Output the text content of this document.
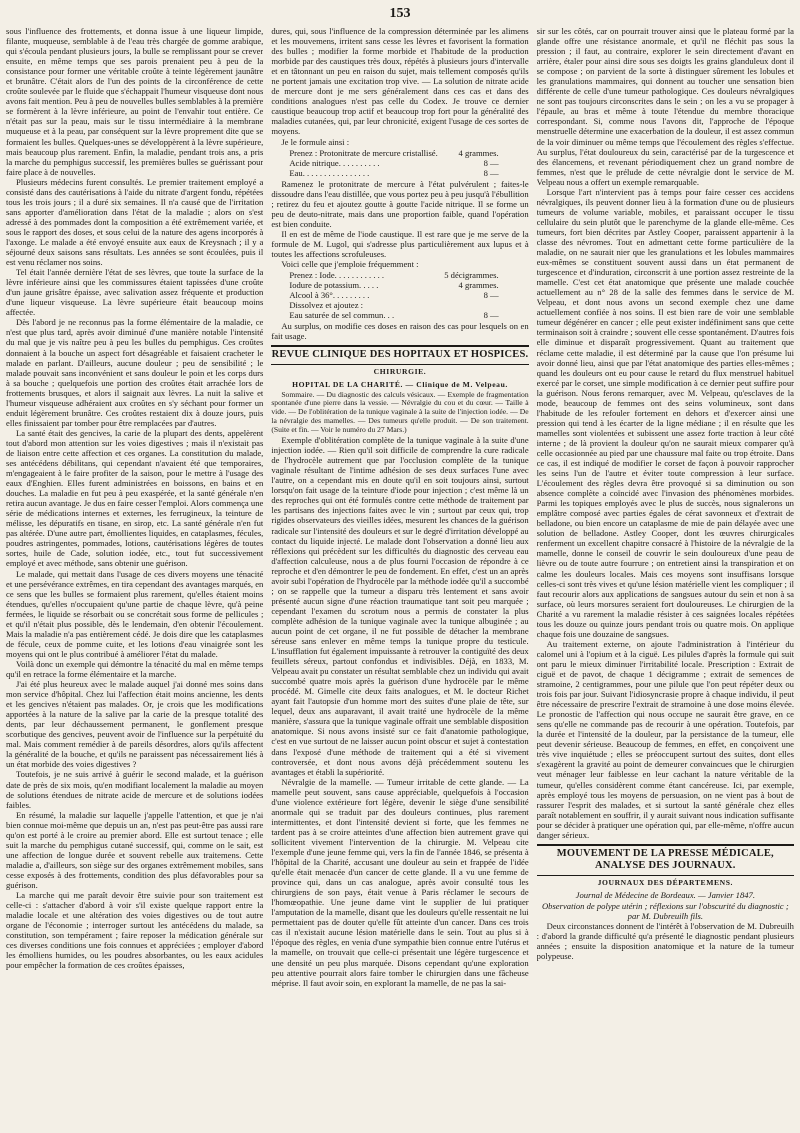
153

sous l'influence des frottements, et donna issue à une liqueur limpide, filante, muqueuse, semblable à de l'eau très chargée de gomme arabique, qui s'écoula pendant plusieurs jours, la bulle se remplissant pour se crever ensuite, en même temps que ses parois prenaient peu à peu de la consistance pour former une véritable croûte à teinte légèrement jaunâtre et brunâtre. C'était alors de l'un des points de la circonférence de cette croûte soulevée par le fluide que s'échappait l'humeur visqueuse dont nous avons fait mention. Peu à peu de nouvelles bulles semblables à la première se formèrent à la lèvre inférieure, au point de l'envahir tout entière. Ce n'était pas sur la peau, mais sur le tissu intermédiaire à la membrane muqueuse et à la peau, par conséquent sur la lèvre proprement dite que se formaient les bulles. Quelques-unes se développèrent à la lèvre supérieure, mais beaucoup plus rarement. Enfin, la maladie, pendant trois ans, a pris la marche du pemphigus successif, les premières bulles se guérissant pour faire place à de nouvelles.

Plusieurs médecins furent consultés. Le premier traitement employé a consisté dans des cautérisations à l'aide du nitrate d'argent fondu, répétées tous les trois jours ; il a duré six semaines. Il n'a causé que de l'irritation sans apporter d'amélioration dans l'état de la maladie ; alors on s'est adressé à des pommades dont la composition a été extrêmement variée, et sous le rapport des doses, et sous celui de la nature des agens incorporés à l'axonge. Le malade a été envoyé ensuite aux eaux de Kreysnach ; il y a séjourné deux saisons sans résultats. Les années se sont écoulées, puis il est venu réclamer nos soins.

Tel était l'année dernière l'état de ses lèvres, que toute la surface de la lèvre inférieure ainsi que les commissures étaient tapissées d'une croûte d'un jaune grisâtre épaisse, avec salivation assez fréquente et production d'une liqueur visqueuse. La lèvre supérieure était beaucoup moins affectée.

Dès l'abord je ne reconnus pas la forme élémentaire de la maladie, ce n'est que plus tard, après avoir diminué d'une manière notable l'intensité du mal que je vis naître peu à peu les bulles du pemphigus. Ces croûtes donnaient à la bouche un aspect fort désagréable et faisaient cracheter le malade en parlant. D'ailleurs, aucune douleur ; peu de sensibilité ; le malade pouvait sans inconvénient et sans douleur le poin et les corps durs à sa bouche ; quelquefois une portion des croûtes était arrachée lors de frottements brusques, et alors il saignait aux lèvres. La nuit la salive et l'humeur visqueuse adhéraient aux croûtes en s'y séchant pour former un enduit légèrement brunâtre. Ces croûtes restaient dix à douze jours, puis elles finissaient par tomber pour être remplacées par d'autres.

La santé était des gencives, la carie de la plupart des dents, appelèrent tout d'abord mon attention sur les voies digestives ; mais il n'existait pas de liaison entre cette affection et ces organes. La constitution du malade, ses antécédens débilitans, qui cependant n'avaient été que temporaires, m'engageaient à le faire profiter de la saison, pour le mettre à l'usage des eaux d'Enghien. Elles furent administrées en boissons, en bains et en douches. La maladie en fut peu à peu exaspérée, et la santé générale n'en retira aucun avantage. Je dus en faire cesser l'emploi. Alors commença une série de médications internes et externes, les ferrugineux, la teinture de mélisse, les dépuratifs en tisane, en sirop, etc. La santé générale n'en fut pas altérée. D'une autre part, émollientes liquides, en cataplasmes, fécules, poudres astringentes, pommades, lotions, cautérisations légères de toutes sortes, huile de Cade, solution iodée, etc., tout fut successivement employé et avec méthode, sans obtenir une guérison.

Le malade, qui mettait dans l'usage de ces divers moyens une ténacité et une persévérance extrêmes, en tira cependant des avantages marqués, en ce sens que les bulles se formaient plus rarement, qu'elles étaient moins étendues, qu'elles n'occupaient qu'une partie de chaque lèvre, qu'à peine fermées, le liquide se résorbait ou se concrétait sous forme de pellicules ; et qu'il n'était plus possible, dès le lendemain, d'en obtenir l'écoulement. Mais la maladie n'a pas entièrement cédé. Je dois dire que les cataplasmes de fécule, ceux de pomme cuite, et les lotions d'eau vinaigrée sont les moyens qui ont le plus contribué à améliorer l'état du malade.

Voilà donc un exemple qui démontre la ténacité du mal en même temps qu'il en retrace la forme élémentaire et la marche.

J'ai été plus heureux avec le malade auquel j'ai donné mes soins dans mon service d'hôpital. Chez lui l'affection était moins ancienne, les dents et les gencives n'étaient pas malades. Or, je crois que les modifications apportées à la nature de la salive par la carie de la presque totalité des dents, par leur déchaussement permanent, le gonflement presque scorbutique des gencives, peuvent avoir de l'influence sur la perpétuité du mal. Mais comment remédier à de pareils désordres, alors qu'ils affectent la généralité de la bouche, et qu'ils ne paraissent pas nécessairement liés à un état morbide des voies digestives ?

Toutefois, je ne suis arrivé à guérir le second malade, et la guérison date de près de six mois, qu'en modifiant localement la maladie au moyen de solutions étendues de nitrate acide de mercure et de solutions iodées faibles.

En résumé, la maladie sur laquelle j'appelle l'attention, et que je n'ai bien connue moi-même que depuis un an, n'est pas peut-être pas aussi rare qu'on est porté à le croire au premier abord. Elle est surtout tenace ; elle suit la marche du pemphigus cutané successif, qui, comme on le sait, est une affection de longue durée et souvent rebelle aux traitemens. Cette maladie a, d'ailleurs, son siège sur des organes extrêmement mobiles, sans cesse exposés à des frottements, condition des plus défavorables pour sa guérison.

La marche qui me paraît devoir être suivie pour son traitement est celle-ci : s'attacher d'abord à voir s'il existe quelque rapport entre la maladie locale et une altération des voies digestives ou de tout autre organe de l'économie ; interroger surtout les antécédens du malade, sa constitution, son tempérament ; faire reposer la médication générale sur ces diverses conditions une fois connues et appréciées ; employer d'abord les émolliens humides, ou les poudres absorbantes, ou les eaux acidules pour empêcher la formation de ces croûtes épaisses,

dures, qui, sous l'influence de la compression déterminée par les alimens et les mouvemens, irritent sans cesse les lèvres et favorisent la formation des bulles ; modifier la forme morbide et l'habitude de la production morbide par des caustiques très doux, répétés à plusieurs jours d'intervalle et en tâtonnant un peu en raison du sujet, mais tellement composés qu'ils ne portent jamais une excitation trop vive. — La solution de nitrate acide de mercure dont je me sers généralement dans ces cas et dans des conditions analogues n'est pas celle du Codex. Je trouve ce dernier caustique beaucoup trop actif et beaucoup trop fort pour la généralité des maladies cutanées, qui, par leur chronicité, exigent l'usage de ces sortes de moyens.

Je le formule ainsi :

Prenez : Protonitrate de mercure cristallisé. 4 grammes.
Acide nitrique. . . . . . . . . .	8 —
Eau. . . . . . . . . . . . . . . .	8 —

Ramenez le protonitrate de mercure à l'état pulvérulent ; faites-le dissoudre dans l'eau distillée, que vous portez peu à peu jusqu'à l'ébullition ; retirez du feu et ajoutez goutte à goutte l'acide nitrique. Il se forme un peu de deuto-nitrate, mais dans une proportion faible, quand l'opération est bien conduite.

Il en est de même de l'iode caustique. Il est rare que je me serve de la formule de M. Lugol, qui s'adresse plus particulièrement aux lupus et à toutes les affections scrofuleuses.

Voici celle que j'emploie fréquemment :

Prenez : Iode. . . . . . . . . . . .	5 décigrammes.
Iodure de potassium. . . . .	4 grammes.
Alcool à 36°. . . . . . . . .	8 —
Dissolvez et ajoutez :
Eau saturée de sel commun. . .	8 —

Au surplus, on modifie ces doses en raison des cas pour lesquels on en fait usage.

REVUE CLINIQUE DES HOPITAUX ET HOSPICES.
CHIRURGIE.
HOPITAL DE LA CHARITÉ. — Clinique de M. Velpeau.

Sommaire. — Du diagnostic des calculs vésicaux. — Exemple de fragmentation spontanée d'une pierre dans la vessie. — Névralgie du cou et du cœur. — Taille à vide. — De l'oblitération de la tunique vaginale à la suite de l'injection iodée. — De la névralgie des mamelles. — Des tumeurs qu'elle produit. — De son traitement. (Suite et fin. — Voir le numéro du 27 Mars.)

Exemple d'oblitération complète de la tunique vaginale à la suite d'une injection iodée. — Rien qu'il soit difficile de comprendre la cure radicale de l'hydrocèle autrement que par l'occlusion complète de la tunique vaginale résultant de l'intime adhésion de ses deux surfaces l'une avec l'autre, on a cependant mis en doute qu'il en soit toujours ainsi, surtout lorsqu'on fait usage de la teinture d'iode pour injection ; c'est même là un des reproches qui ont été formulés contre cette méthode de traitement par les partisans des injections faites avec le vin ; surtout par ceux qui, trop rigides observateurs des vieilles idées, mesurent les chances de la guérison radicale sur l'intensité des douleurs et sur le degré d'irritation développé au contact du liquide injecté. Le malade dont l'observation a donné lieu aux réflexions qui précèdent sur les difficultés du diagnostic des cerveau eau d'affection calculeuse, nous a de plus fourni l'occasion de répondre à ce reproche et d'en démontrer le peu de fondement. En effet, c'est un an après avoir subi l'opération de l'hydrocèle par la méthode iodée qu'il a succombé ; on se rappelle que la tumeur a disparu très lentement et sans avoir présenté aucun signe d'une réaction traumatique tant soit peu marquée ; cependant l'examen du scrotum nous a permis de constater la plus complète adhésion de la tunique vaginale avec la tunique albuginée ; au aucun point de cet organe, il ne fut possible de détacher la membrane séreuse sans enlever en même temps la tunique propre du testicule. L'insufflation fut également impuissante à retrouver la contiguïté des deux feuillets séreux, partout confondus et indivisibles. Déjà, en 1833, M. Velpeau avait pu constater un résultat semblable chez un individu qui avait succombé quatre mois après la guérison d'une hydrocèle par le même procédé. M. Gimelle cite deux faits analogues, et M. le docteur Richet ayant fait l'autopsie d'un homme mort des suites d'une plaie de tête, sur lequel, deux ans auparavant, il avait traité une hydrocèle de la même manière, s'assura que la tunique vaginale offrait une semblable disposition anatomique. Si nous avons insisté sur ce fait d'anatomie pathologique, c'est en vue surtout de ne laisser aucun point obscur et sujet à contestation dans l'exposé d'une méthode de traitement qui a été si vivement controversée, et dont nous avons déjà précédemment soutenu les avantages et établi la supériorité.

Névralgie de la mamelle. — Tumeur irritable de cette glande. — La mamelle peut souvent, sans cause appréciable, quelquefois à l'occasion d'une violence extérieure fort légère, devenir le siège d'une sensibilité anormale qui se traduit par des douleurs continues, plus rarement intermittentes, et dont l'intensité devient si forte, que les femmes ne tardent pas à se croire atteintes d'une affection bien autrement grave qui sollicitent vivement l'intervention de la chirurgie. M. Velpeau cite l'exemple d'une jeune femme qui, vers la fin de l'année 1846, se présenta à l'hôpital de la Charité, accusant une douleur au sein et frappée de l'idée qu'elle était menacée d'un cancer de cette glande. Il a vu une femme de province qui, dans un cas analogue, après avoir consulté tous les chirurgiens de son pays, était venue à Paris réclamer le secours de l'homœopathie. Une jeune dame vint le supplier de lui pratiquer l'amputation de la mamelle, disant que les douleurs qu'elle ressentait ne lui permettaient pas de douter qu'elle fût atteinte d'un cancer. Dans ces trois cas il n'existait aucune lésion matérielle dans le sein. Tout au plus si à l'époque des règles, en venia d'une sympathie bien connue entre l'utérus et la mamelle, on trouvait que celle-ci présentait une légère turgescence et une densité un peu plus marquée. Disons cependant qu'une exploration peu attentive pourrait alors faire tomber le chirurgien dans une fâcheuse méprise. Il faut avoir soin, en explorant la mamelle, de ne pas la sai-

sir sur les côtés, car on pourrait trouver ainsi que le plateau formé par la glande offre une résistance anormale, et qu'il ne fléchit pas sous la pression ; il faut, au contraire, explorer le sein directement d'avant en arrière, étaler pour ainsi dire sous ses doigts les grains glanduleux dont il se compose ; on parvient de la sorte à distinguer sûrement les lobules et les granulations mammaires, qui donnent au toucher une sensation bien différente de celle d'une tumeur pathologique. Ces douleurs névralgiques ne sont pas toujours circonscrites dans le sein ; on les a vu se propager à l'épaule, au bras et même à toute l'étendue du membre thoracique correspondant. Si, comme nous l'avons dit, l'approche de l'époque menstruelle détermine une exacerbation de la douleur, il est assez commun de la voir diminuer ou même temps que l'écoulement des règles s'effectue. Au surplus, l'état douloureux du sein, caractérisé par de la turgescence et des élancemens, et revenant périodiquement chez un grand nombre de femmes, n'est que le prélude de cette névralgie dont le service de M. Velpeau nous a offert un exemple remarquable.

Lorsque l'art n'intervient pas à temps pour faire cesser ces accidens névralgiques, ils peuvent donner lieu à la formation d'une ou de plusieurs tumeurs de volume variable, mobiles, et paraissant occuper le tissu cellulaire du sein plutôt que le parenchyme de la glande elle-même. Ces tumeurs, fort bien décrites par Astley Cooper, paraissent appartenir à la classe des névromes. Tout en admettant cette forme particulière de la maladie, on ne saurait nier que les granulations et les lobules mammaires eux-mêmes se constituent souvent aussi dans un état permanent de turgescence et d'induration, circonscrit à une portion assez restreinte de la mamelle. C'est cet état anatomique que présente une malade couchée actuellement au n° 28 de la salle des femmes dans le service de M. Velpeau, et dont nous avons un second exemple chez une dame actuellement confiée à nos soins. Il est bien rare de voir une semblable tumeur dégénérer en cancer ; elle peut exister indéfiniment sans que cette terminaison soit à craindre ; souvent elle cesse spontanément. D'autres fois elle diminue et disparaît progressivement. Quant au traitement que réclame cette maladie, il est déterminé par la cause que l'on présume lui avoir donné lieu, ainsi que par l'état anatomique des parties elles-mêmes ; quand les douleurs ont eu pour cause le retard du flux menstruel habituel exercé par le corset, une simple modification à ce dernier peut suffire pour la guérison. Nous ferons remarquer, avec M. Velpeau, qu'esclaves de la mode, beaucoup de femmes ont des seins volumineux, sont dans l'habitude de les refouler fortement en dehors et d'exercer ainsi une pression qui tend à les écarter de la ligne médiane ; il en résulte que les mamelles sont violentées et subissent une assez forte traction à leur côté interne ; de là provient la douleur qu'on ne saurait mieux comparer qu'à celle occasionnée au pied par une chaussure mal faite ou trop étroite. Dans ce cas, il est indiqué de modifier le corset de façon à pouvoir rapprocher les seins l'un de l'autre et éviter toute compression à leur surface. L'écoulement des règles devra être provoqué si sa diminution ou son absence complète a coïncidé avec l'invasion des phénomènes morbides. Parmi les topiques employés avec le plus de succès, nous signalerons un emplâtre composé avec parties égales de cérat savonneux et d'extrait de belladone, ou bien encore un cataplasme de mie de pain délayée avec une solution de belladone. Astley Cooper, dont les œuvres chirurgicales renferment un excellent chapitre consacré à l'histoire de la névralgie de la mamelle, donne le conseil de couvrir le sein douloureux d'une peau de lièvre ou de toute autre fourrure ; on entretient ainsi la transpiration et on calme les douleurs locales. Mais ces moyens sont insuffisans lorsque celles-ci sont très vives et qu'une lésion matérielle vient les compliquer ; il faut recourir alors aux applications de sangsues autour du sein et non à sa surface, où leurs morsures seraient fort douloureuses. Le chirurgien de la Charité a vu rarement la maladie résister à ces saignées locales répétées tous les douze ou quinze jours pendant trois ou quatre mois. On applique chaque fois une douzaine de sangsues.

Au traitement externe, on ajoute l'administration à l'intérieur du calomel uni à l'opium et à la ciguë. Les pilules d'après la formule qui suit ont paru le mieux diminuer l'irritabilité locale. Prescription : Extrait de ciguë et de pavot, de chaque 1 décigramme ; extrait de semences de stramoine, 2 centigrammes, pour une pilule que l'on peut répéter deux ou trois fois par jour. Suivant l'idiosyncrasie propre à chaque individu, il peut être nécessaire de prescrire l'extrait de stramoine à une dose moins élevée. Le pronostic de l'affection qui nous occupe ne saurait être grave, en ce sens qu'elle ne commande pas de recourir à une opération. Toutefois, par la durée et l'intensité de la douleur, par la persistance de la tumeur, elle peut devenir sérieuse. Beaucoup de femmes, en effet, en conçoivent une très vive inquiétude ; elles se préoccupent surtout des suites, dont elles s'exagèrent la gravité au point de demeurer convaincues que le chirurgien veut ménager leur faiblesse en leur cachant la nature véritable de la tumeur, qu'elles considèrent comme étant cancéreuse. Ici, par exemple, après employé tous les moyens de persuasion, on ne vient pas à bout de rassurer l'esprit des malades, et si surtout la santé générale chez elles paraît notablement en souffrir, il y aurait suivant nous indication suffisante pour se décider à pratiquer une opération qui, par elle-même, n'offre aucun danger sérieux.

MOUVEMENT DE LA PRESSE MÉDICALE, ANALYSE DES JOURNAUX.
JOURNAUX DES DÉPARTEMENS.
Journal de Médecine de Bordeaux. — Janvier 1847.

Observation de polype utérin ; réflexions sur l'obscurité du diagnostic ; par M. Dubreuilh fils.

Deux circonstances donnent de l'intérêt à l'observation de M. Dubreuilh : d'abord la grande difficulté qu'a présenté le diagnostic pendant plusieurs années ; ensuite la disposition anatomique et la nature de la tumeur polypeuse.
